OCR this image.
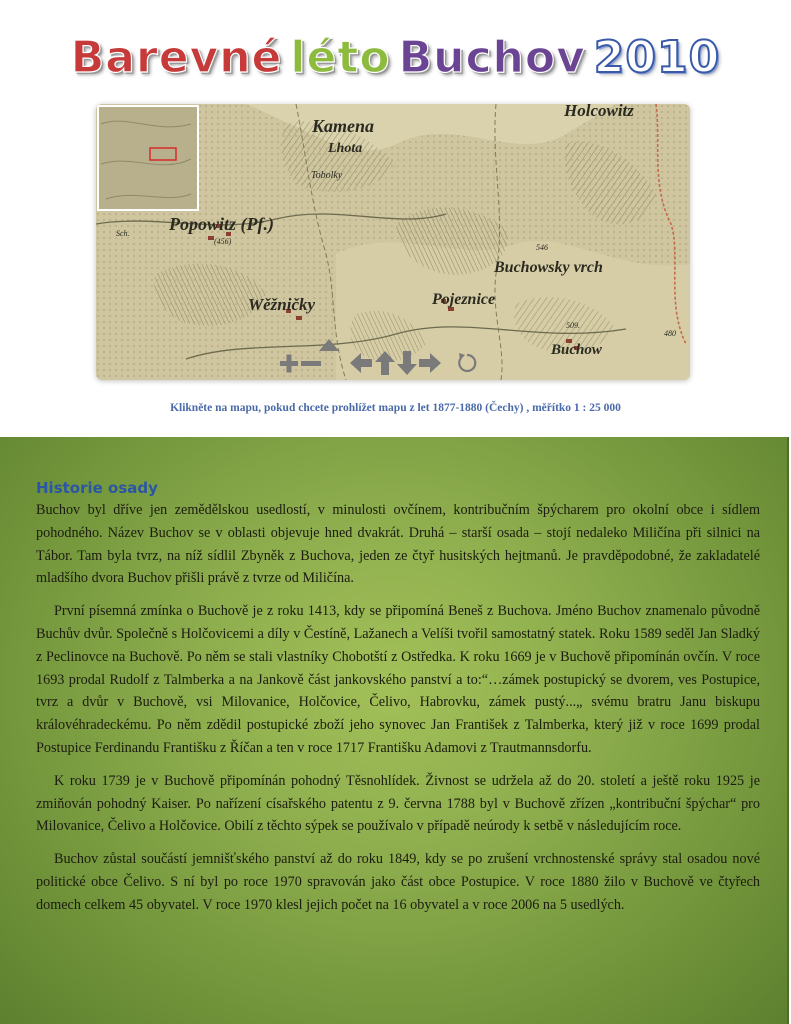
Barevné léto Buchov 2010
Kamena
Lhota
Tobolky
Popowitz (Pf.)
(456)
Sch.
Holcowitz
546
Buchowsky vrch
Wěžničky	Pojeznice
509.
480
Buchow
Klikněte na mapu, pokud chcete prohlížet mapu z let 1877-1880 (Čechy) , měřítko 1 : 25 000
Historie osady

Buchov byl dříve jen zemědělskou usedlostí, v minulosti ovčínem, kontribučním špýcharem pro okolní obce i sídlem pohodného. Název Buchov se v oblasti objevuje hned dvakrát. Druhá – starší osada – stojí nedaleko Miličína při silnici na Tábor. Tam byla tvrz, na níž sídlil Zbyněk z Buchova, jeden ze čtyř husitských hejtmanů. Je pravděpodobné, že zakladatelé mladšího dvora Buchov přišli právě z tvrze od Miličína.

První písemná zmínka o Buchově je z roku 1413, kdy se připomíná Beneš z Buchova. Jméno Buchov znamenalo původně Buchův dvůr. Společně s Holčovicemi a díly v Čestíně, Lažanech a Velíši tvořil samostatný statek. Roku 1589 seděl Jan Sladký z Peclinovce na Buchově. Po něm se stali vlastníky Chobotští z Ostředka. K roku 1669 je v Buchově připomínán ovčín. V roce 1693 prodal Rudolf z Talmberka a na Jankově část jankovského panství a to:“…zámek postupický se dvorem, ves Postupice, tvrz a dvůr v Buchově, vsi Milovanice, Holčovice, Čelivo, Habrovku, zámek pustý...„ svému bratru Janu biskupu královéhradeckému. Po něm zdědil postupické zboží jeho synovec Jan František z Talmberka, který již v roce 1699 prodal Postupice Ferdinandu Františku z Říčan a ten v roce 1717 Františku Adamovi z Trautmannsdorfu.

K roku 1739 je v Buchově připomínán pohodný Těsnohlídek. Živnost se udržela až do 20. století a ještě roku 1925 je zmiňován pohodný Kaiser. Po nařízení císařského patentu z 9. června 1788 byl v Buchově zřízen „kontribuční špýchar“ pro Milovanice, Čelivo a Holčovice. Obilí z těchto sýpek se používalo v případě neúrody k setbě v následujícím roce.

Buchov zůstal součástí jemnišťského panství až do roku 1849, kdy se po zrušení vrchnostenské správy stal osadou nové politické obce Čelivo. S ní byl po roce 1970 spravován jako část obce Postupice. V roce 1880 žilo v Buchově ve čtyřech domech celkem 45 obyvatel. V roce 1970 klesl jejich počet na 16 obyvatel a v roce 2006 na 5 usedlých.
